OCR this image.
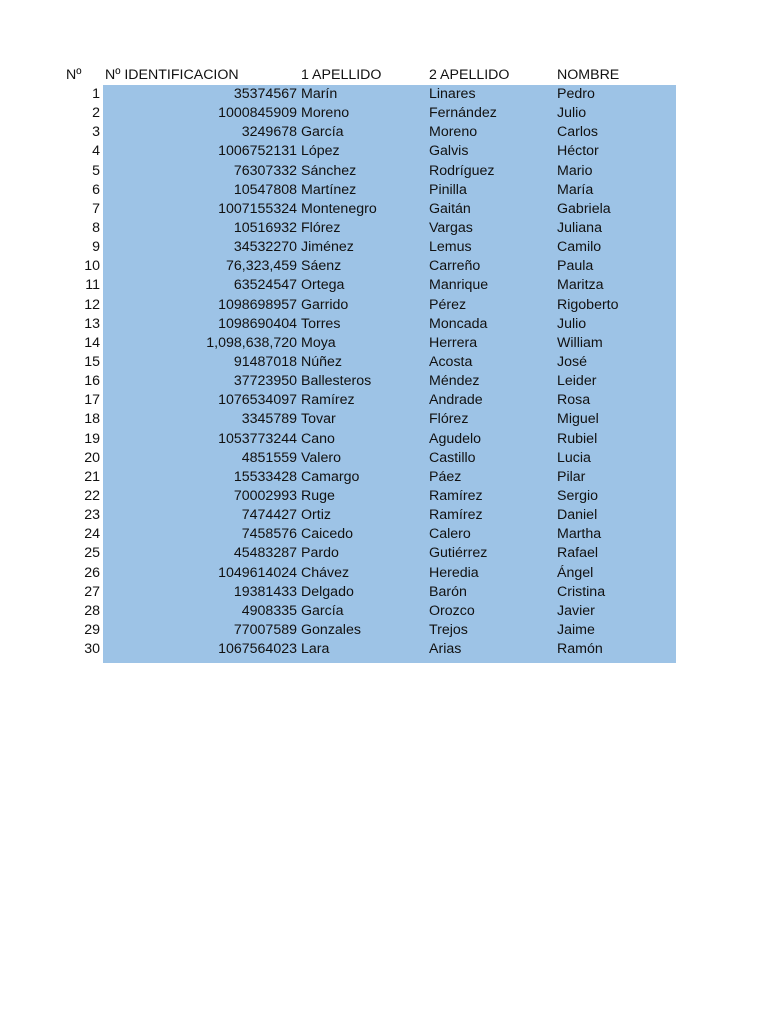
Nº	Nº IDENTIFICACION	1 APELLIDO	2 APELLIDO	NOMBRE
1	35374567	Marín	Linares	Pedro
2	1000845909	Moreno	Fernández	Julio
3	3249678	García	Moreno	Carlos
4	1006752131	López	Galvis	Héctor
5	76307332	Sánchez	Rodríguez	Mario
6	10547808	Martínez	Pinilla	María
7	1007155324	Montenegro	Gaitán	Gabriela
8	10516932	Flórez	Vargas	Juliana
9	34532270	Jiménez	Lemus	Camilo
10	76,323,459	Sáenz	Carreño	Paula
11	63524547	Ortega	Manrique	Maritza
12	1098698957	Garrido	Pérez	Rigoberto
13	1098690404	Torres	Moncada	Julio
14	1,098,638,720	Moya	Herrera	William
15	91487018	Núñez	Acosta	José
16	37723950	Ballesteros	Méndez	Leider
17	1076534097	Ramírez	Andrade	Rosa
18	3345789	Tovar	Flórez	Miguel
19	1053773244	Cano	Agudelo	Rubiel
20	4851559	Valero	Castillo	Lucia
21	15533428	Camargo	Páez	Pilar
22	70002993	Ruge	Ramírez	Sergio
23	7474427	Ortiz	Ramírez	Daniel
24	7458576	Caicedo	Calero	Martha
25	45483287	Pardo	Gutiérrez	Rafael
26	1049614024	Chávez	Heredia	Ángel
27	19381433	Delgado	Barón	Cristina
28	4908335	García	Orozco	Javier
29	77007589	Gonzales	Trejos	Jaime
30	1067564023	Lara	Arias	Ramón
